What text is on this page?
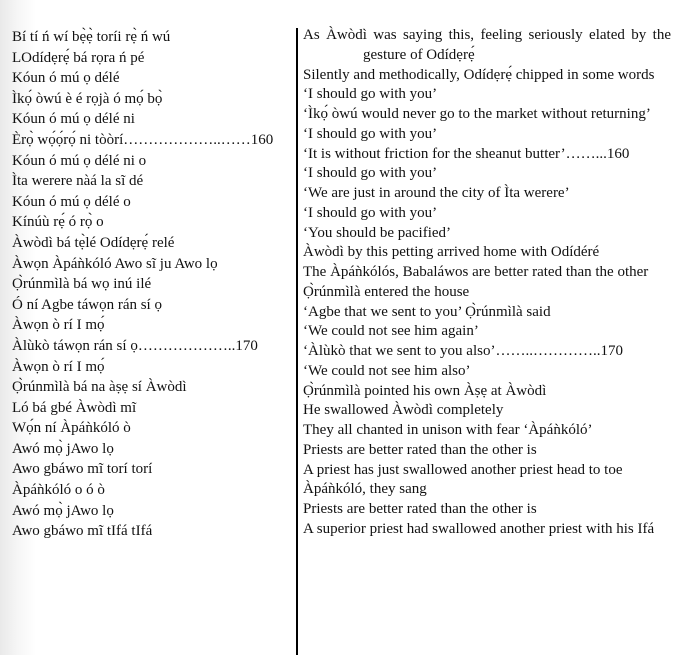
Bí tí ń wí bẹ̀ẹ̀ toríi rẹ̀ ń wú
LOdídẹrẹ́ bá rọra ń pé
Kóun ó mú ọ délé
Ìkọ́ òwú è é rọjà ó mọ́ bọ̀
Kóun ó mú ọ délé ni
Èrọ̀ wọ́ọ́rọ́ ni tòòrí………………..……160
Kóun ó mú ọ délé ni o
Ìta werere nàá la sĩ dé
Kóun ó mú ọ délé o
Kínúù rẹ́ ó rọ̀ o
Àwòdì bá tẹ̀lé Odídẹrẹ́ relé
Àwọn Àpáǹkóló Awo sĩ ju Awo lọ
Ọ̀rúnmìlà bá wọ inú ilé
Ó ní Agbe táwọn rán sí ọ
Àwọn ò rí I mọ́
Àlùkò táwọn rán sí ọ………………..170
Àwọn ò rí I mọ́
Ọ̀rúnmìlà bá na àṣẹ sí Àwòdì
Ló bá gbé Àwòdì mĩ
Wọ́n ní Àpáǹkóló ò
Awó mọ̀ jAwo lọ
Awo gbáwo mĩ torí torí
Àpáǹkóló o ó ò
Awó mọ̀ jAwo lọ
Awo gbáwo mĩ tIfá tIfá
As Àwòdì was saying this, feeling seriously elated by the gesture of Odídẹrẹ́
Silently and methodically, Odídẹrẹ́ chipped in some words
‘I should go with you’
‘Ìkọ́ òwú would never go to the market without returning’
‘I should go with you’
‘It is without friction for the sheanut butter’……...160
‘I should go with you’
‘We are just in around the city of Ìta werere’
‘I should go with you’
‘You should be pacified’
Àwòdì by this petting arrived home with Odídéré
The Àpáǹkólós, Babaláwos are better rated than the other
Ọ̀rúnmìlà entered the house
‘Agbe that we sent to you’ Ọ̀rúnmìlà said
‘We could not see him again’
‘Àlùkò that we sent to you also’……..…………..170
‘We could not see him also’
Ọ̀rúnmìlà pointed his own Àṣẹ at Àwòdì
He swallowed Àwòdì completely
They all chanted in unison with fear ‘Àpáǹkóló’
Priests are better rated than the other is
A priest has just swallowed another priest head to toe
Àpáǹkóló, they sang
Priests are better rated than the other is
A superior priest had swallowed another priest with his Ifá
